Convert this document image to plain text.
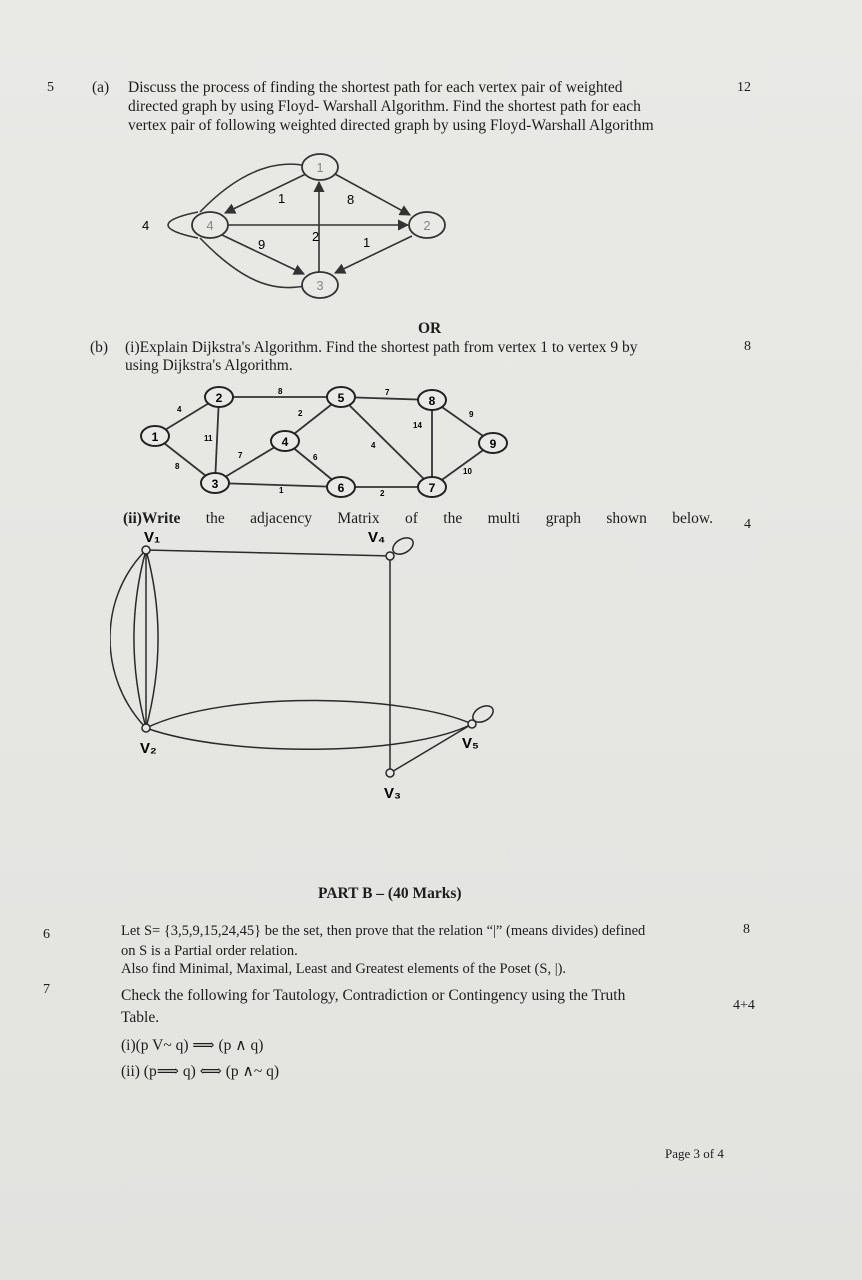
5 (a) Discuss the process of finding the shortest path for each vertex pair of weighted
directed graph by using Floyd- Warshall Algorithm. Find the shortest path for each
vertex pair of following weighted directed graph by using Floyd-Warshall Algorithm
12
1
4	2
3
4
1	8
2
9	1
OR
(b) (i)Explain Dijkstra's Algorithm. Find the shortest path from vertex 1 to vertex 9 by
using Dijkstra's Algorithm.
8
1
2
3
4
5
6	7
8
9
4
8
11
8
7
2
6
1	2
4
7
14
9
10
(ii)Write the adjacency Matrix of the multi graph shown below. 4
V₁
V₂
V₄
V₃
V₅
PART B – (40 Marks)
6	Let S= {3,5,9,15,24,45} be the set, then prove that the relation “|” (means divides) defined
on S is a Partial order relation.
Also find Minimal, Maximal, Least and Greatest elements of the Poset (S, |).
8
7	Check the following for Tautology, Contradiction or Contingency using the Truth
Table.
4+4
(i)(p V~ q) ⟹ (p ∧ q)
(ii) (p⟹ q) ⟺ (p ∧~ q)
Page 3 of 4
